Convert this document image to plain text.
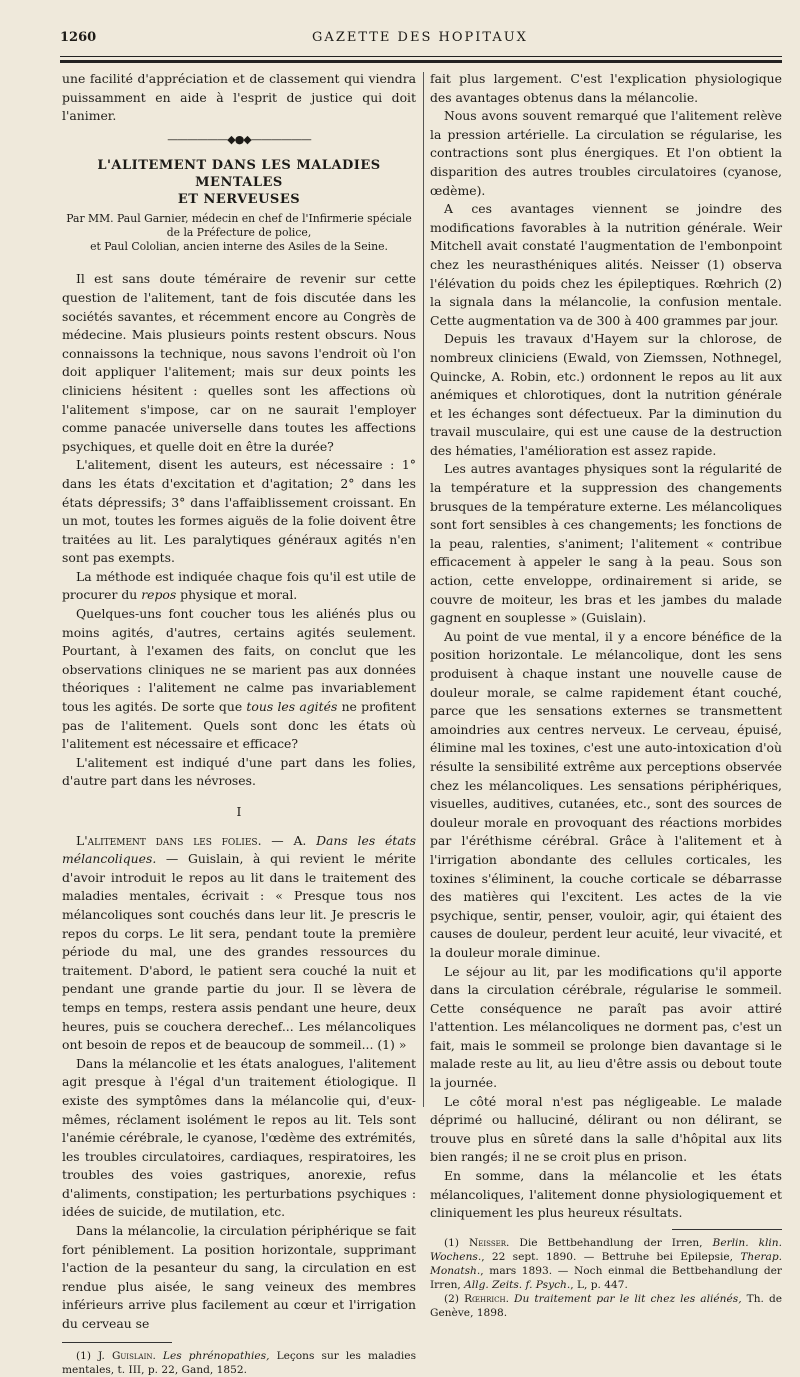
1260	GAZETTE DES HOPITAUX

une facilité d'appréciation et de classement qui viendra puissamment en aide à l'esprit de justice qui doit l'animer.

——————◆●◆——————
L'ALITEMENT DANS LES MALADIES MENTALES
ET NERVEUSES
Par MM. Paul Garnier, médecin en chef de l'Infirmerie spéciale
de la Préfecture de police,
et Paul Cololian, ancien interne des Asiles de la Seine.

Il est sans doute téméraire de revenir sur cette question de l'alitement, tant de fois discutée dans les sociétés savantes, et récemment encore au Congrès de médecine. Mais plusieurs points restent obscurs. Nous connaissons la technique, nous savons l'endroit où l'on doit appliquer l'alitement; mais sur deux points les cliniciens hésitent : quelles sont les affections où l'alitement s'impose, car on ne saurait l'employer comme panacée universelle dans toutes les affections psychiques, et quelle doit en être la durée?

L'alitement, disent les auteurs, est nécessaire : 1° dans les états d'excitation et d'agitation; 2° dans les états dépressifs; 3° dans l'affaiblissement croissant. En un mot, toutes les formes aiguës de la folie doivent être traitées au lit. Les paralytiques généraux agités n'en sont pas exempts.

La méthode est indiquée chaque fois qu'il est utile de procurer du repos physique et moral.

Quelques-uns font coucher tous les aliénés plus ou moins agités, d'autres, certains agités seulement. Pourtant, à l'examen des faits, on conclut que les observations cliniques ne se marient pas aux données théoriques : l'alitement ne calme pas invariablement tous les agités. De sorte que tous les agités ne profitent pas de l'alitement. Quels sont donc les états où l'alitement est nécessaire et efficace?

L'alitement est indiqué d'une part dans les folies, d'autre part dans les névroses.

I

L'alitement dans les folies. — A. Dans les états mélancoliques. — Guislain, à qui revient le mérite d'avoir introduit le repos au lit dans le traitement des maladies mentales, écrivait : « Presque tous nos mélancoliques sont couchés dans leur lit. Je prescris le repos du corps. Le lit sera, pendant toute la première période du mal, une des grandes ressources du traitement. D'abord, le patient sera couché la nuit et pendant une grande partie du jour. Il se lèvera de temps en temps, restera assis pendant une heure, deux heures, puis se couchera derechef... Les mélancoliques ont besoin de repos et de beaucoup de sommeil... (1) »

Dans la mélancolie et les états analogues, l'alitement agit presque à l'égal d'un traitement étiologique. Il existe des symptômes dans la mélancolie qui, d'eux-mêmes, réclament isolément le repos au lit. Tels sont l'anémie cérébrale, le cyanose, l'œdème des extrémités, les troubles circulatoires, cardiaques, respiratoires, les troubles des voies gastriques, anorexie, refus d'aliments, constipation; les perturbations psychiques : idées de suicide, de mutilation, etc.

Dans la mélancolie, la circulation périphérique se fait fort péniblement. La position horizontale, supprimant l'action de la pesanteur du sang, la circulation en est rendue plus aisée, le sang veineux des membres inférieurs arrive plus facilement au cœur et l'irrigation du cerveau se

(1) J. Guislain. Les phrénopathies, Leçons sur les maladies mentales, t. III, p. 22, Gand, 1852.

fait plus largement. C'est l'explication physiologique des avantages obtenus dans la mélancolie.

Nous avons souvent remarqué que l'alitement relève la pression artérielle. La circulation se régularise, les contractions sont plus énergiques. Et l'on obtient la disparition des autres troubles circulatoires (cyanose, œdème).

A ces avantages viennent se joindre des modifications favorables à la nutrition générale. Weir Mitchell avait constaté l'augmentation de l'embonpoint chez les neurasthéniques alités. Neisser (1) observa l'élévation du poids chez les épileptiques. Rœhrich (2) la signala dans la mélancolie, la confusion mentale. Cette augmentation va de 300 à 400 grammes par jour.

Depuis les travaux d'Hayem sur la chlorose, de nombreux cliniciens (Ewald, von Ziemssen, Nothnegel, Quincke, A. Robin, etc.) ordonnent le repos au lit aux anémiques et chlorotiques, dont la nutrition générale et les échanges sont défectueux. Par la diminution du travail musculaire, qui est une cause de la destruction des hématies, l'amélioration est assez rapide.

Les autres avantages physiques sont la régularité de la température et la suppression des changements brusques de la température externe. Les mélancoliques sont fort sensibles à ces changements; les fonctions de la peau, ralenties, s'animent; l'alitement « contribue efficacement à appeler le sang à la peau. Sous son action, cette enveloppe, ordinairement si aride, se couvre de moiteur, les bras et les jambes du malade gagnent en souplesse » (Guislain).

Au point de vue mental, il y a encore bénéfice de la position horizontale. Le mélancolique, dont les sens produisent à chaque instant une nouvelle cause de douleur morale, se calme rapidement étant couché, parce que les sensations externes se transmettent amoindries aux centres nerveux. Le cerveau, épuisé, élimine mal les toxines, c'est une auto-intoxication d'où résulte la sensibilité extrême aux perceptions observée chez les mélancoliques. Les sensations périphériques, visuelles, auditives, cutanées, etc., sont des sources de douleur morale en provoquant des réactions morbides par l'éréthisme cérébral. Grâce à l'alitement et à l'irrigation abondante des cellules corticales, les toxines s'éliminent, la couche corticale se débarrasse des matières qui l'excitent. Les actes de la vie psychique, sentir, penser, vouloir, agir, qui étaient des causes de douleur, perdent leur acuité, leur vivacité, et la douleur morale diminue.

Le séjour au lit, par les modifications qu'il apporte dans la circulation cérébrale, régularise le sommeil. Cette conséquence ne paraît pas avoir attiré l'attention. Les mélancoliques ne dorment pas, c'est un fait, mais le sommeil se prolonge bien davantage si le malade reste au lit, au lieu d'être assis ou debout toute la journée.

Le côté moral n'est pas négligeable. Le malade déprimé ou halluciné, délirant ou non délirant, se trouve plus en sûreté dans la salle d'hôpital aux lits bien rangés; il ne se croit plus en prison.

En somme, dans la mélancolie et les états mélancoliques, l'alitement donne physiologiquement et cliniquement les plus heureux résultats.

(1) Neisser. Die Bettbehandlung der Irren, Berlin. klin. Wochens., 22 sept. 1890. — Bettruhe bei Epilepsie, Therap. Monatsh., mars 1893. — Noch einmal die Bettbehandlung der Irren, Allg. Zeits. f. Psych., L, p. 447.

(2) Rœhrich. Du traitement par le lit chez les aliénés, Th. de Genève, 1898.
